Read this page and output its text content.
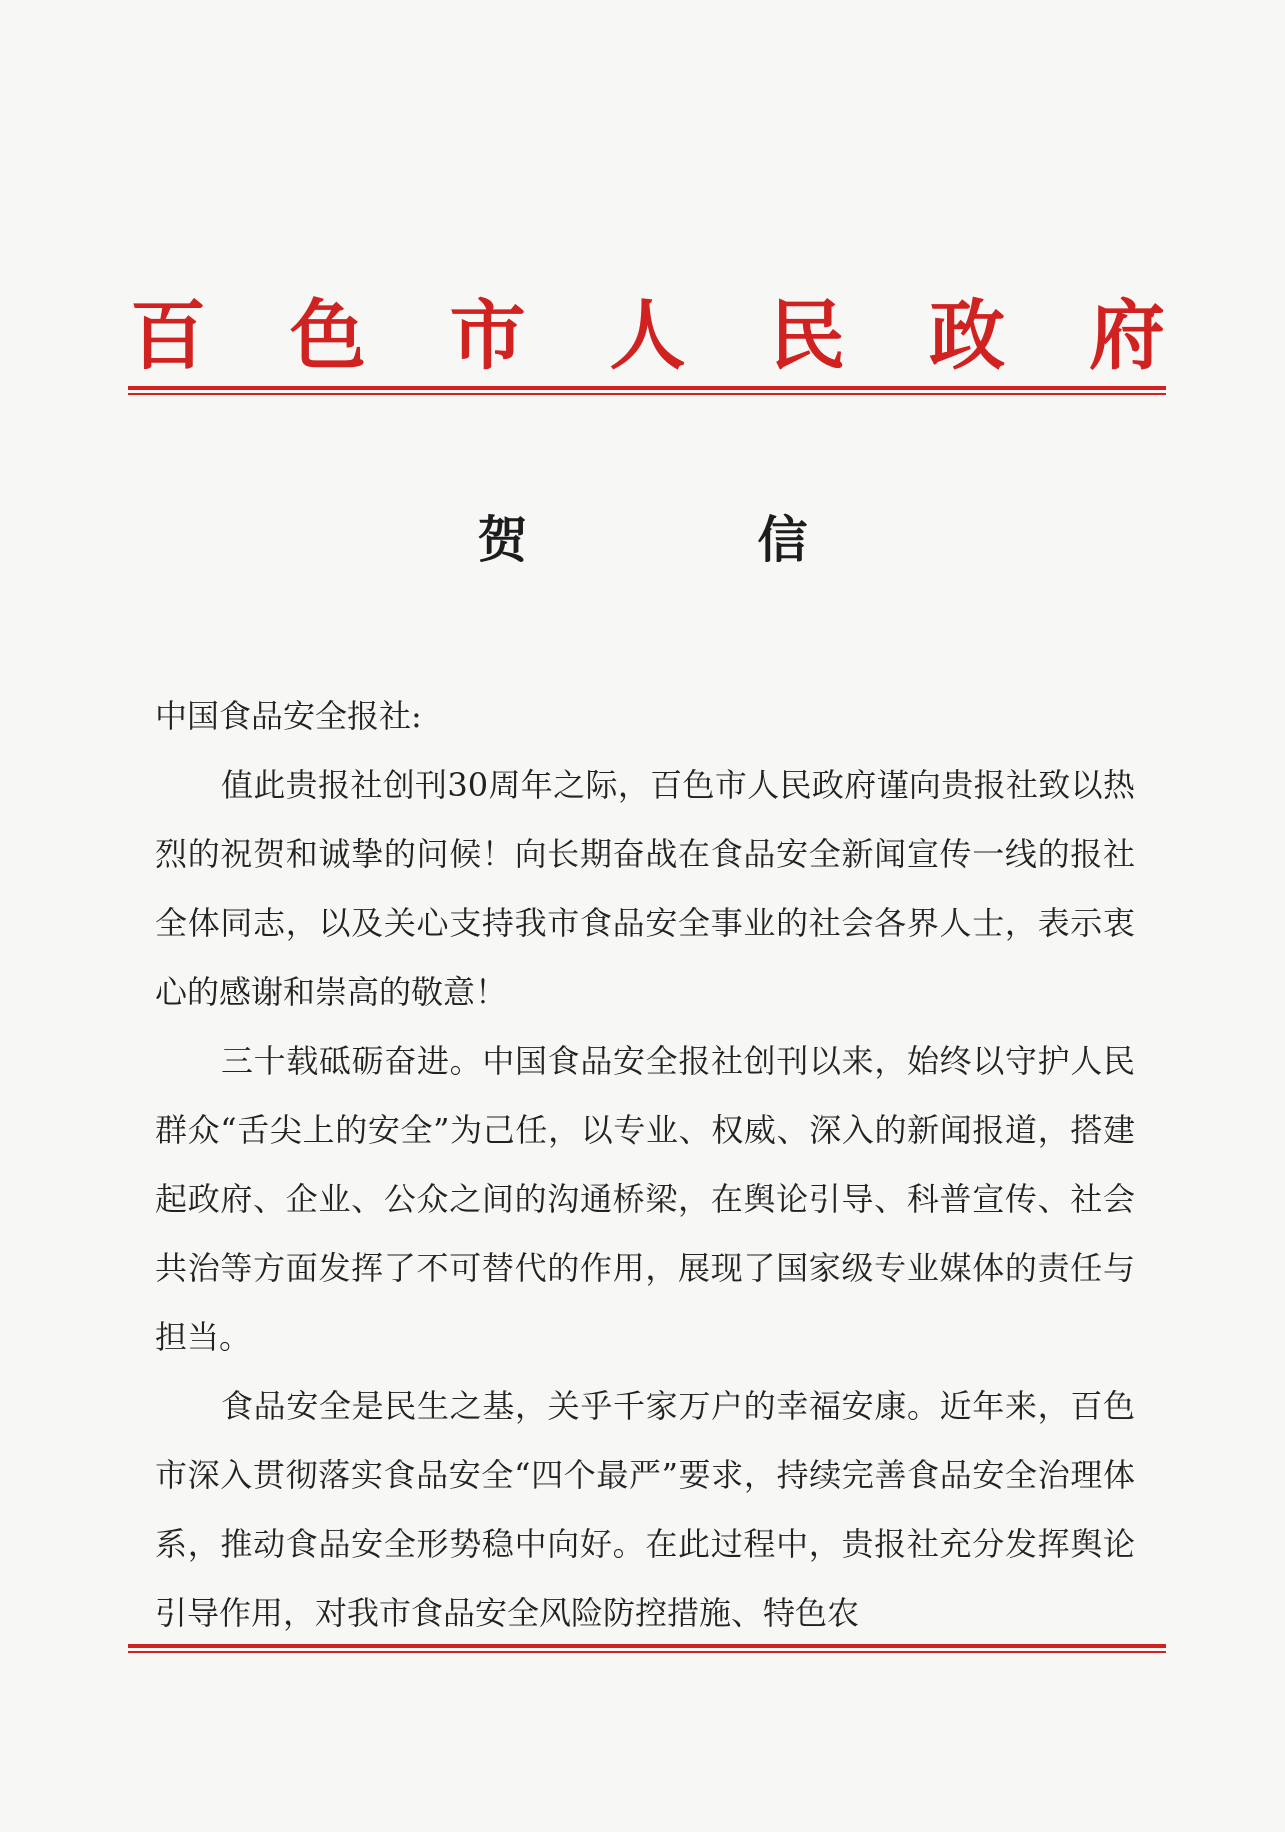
百 色 市 人 民 政 府
贺　信

中国食品安全报社:

值此贵报社创刊30周年之际，百色市人民政府谨向贵报社致以热烈的祝贺和诚挚的问候！向长期奋战在食品安全新闻宣传一线的报社全体同志，以及关心支持我市食品安全事业的社会各界人士，表示衷心的感谢和崇高的敬意！

三十载砥砺奋进。中国食品安全报社创刊以来，始终以守护人民群众“舌尖上的安全”为己任，以专业、权威、深入的新闻报道，搭建起政府、企业、公众之间的沟通桥梁，在舆论引导、科普宣传、社会共治等方面发挥了不可替代的作用，展现了国家级专业媒体的责任与担当。

食品安全是民生之基，关乎千家万户的幸福安康。近年来，百色市深入贯彻落实食品安全“四个最严”要求，持续完善食品安全治理体系，推动食品安全形势稳中向好。在此过程中，贵报社充分发挥舆论引导作用，对我市食品安全风险防控措施、特色农
